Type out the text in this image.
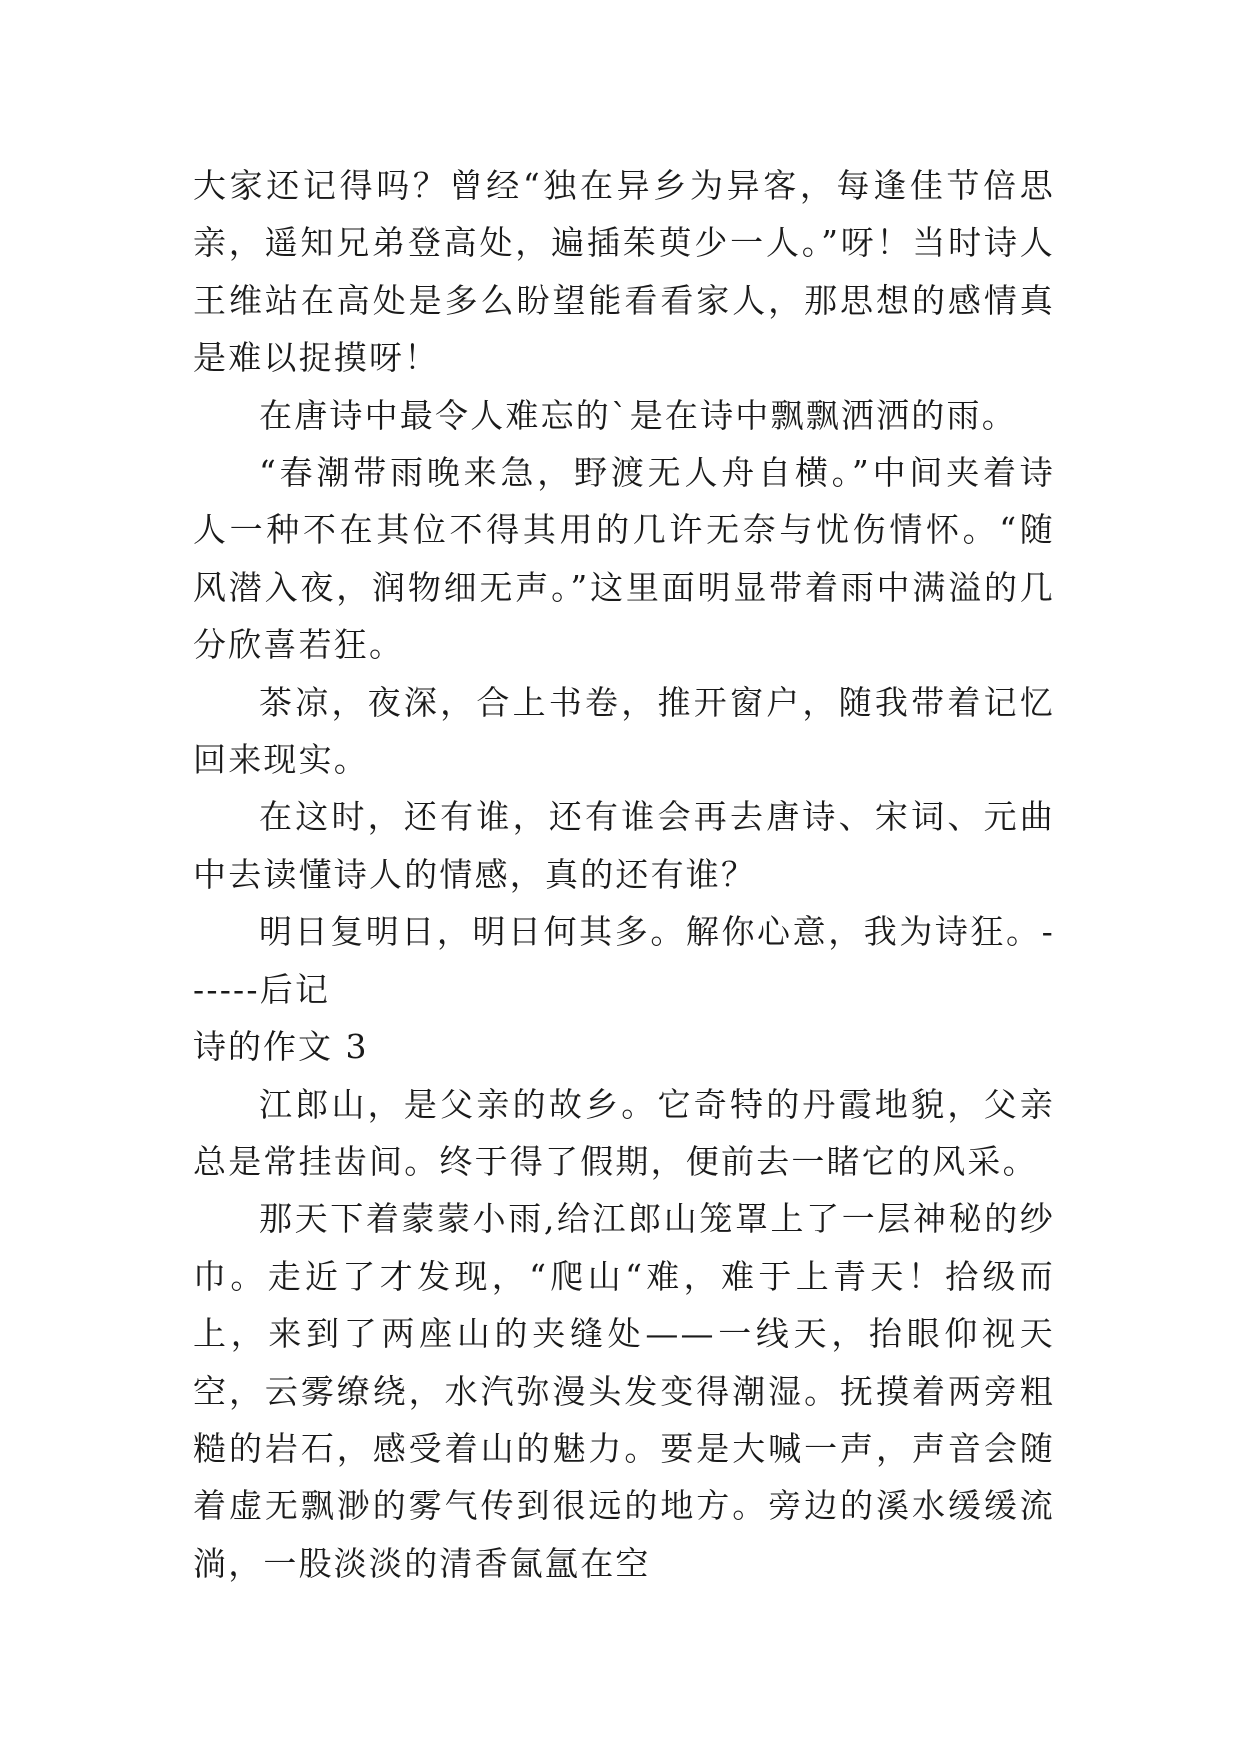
大家还记得吗？曾经“独在异乡为异客，每逢佳节倍思亲，遥知兄弟登高处，遍插茱萸少一人。”呀！当时诗人王维站在高处是多么盼望能看看家人，那思想的感情真是难以捉摸呀！

在唐诗中最令人难忘的`是在诗中飘飘洒洒的雨。

“春潮带雨晚来急，野渡无人舟自横。”中间夹着诗人一种不在其位不得其用的几许无奈与忧伤情怀。“随风潜入夜，润物细无声。”这里面明显带着雨中满溢的几分欣喜若狂。

茶凉，夜深，合上书卷，推开窗户，随我带着记忆回来现实。

在这时，还有谁，还有谁会再去唐诗、宋词、元曲中去读懂诗人的情感，真的还有谁？

明日复明日，明日何其多。解你心意，我为诗狂。------后记

诗的作文 3

江郎山，是父亲的故乡。它奇特的丹霞地貌，父亲总是常挂齿间。终于得了假期，便前去一睹它的风采。

那天下着蒙蒙小雨,给江郎山笼罩上了一层神秘的纱巾。走近了才发现，“爬山“难，难于上青天！拾级而上，来到了两座山的夹缝处——一线天，抬眼仰视天空，云雾缭绕，水汽弥漫头发变得潮湿。抚摸着两旁粗糙的岩石，感受着山的魅力。要是大喊一声，声音会随着虚无飘渺的雾气传到很远的地方。旁边的溪水缓缓流淌，一股淡淡的清香氤氲在空
